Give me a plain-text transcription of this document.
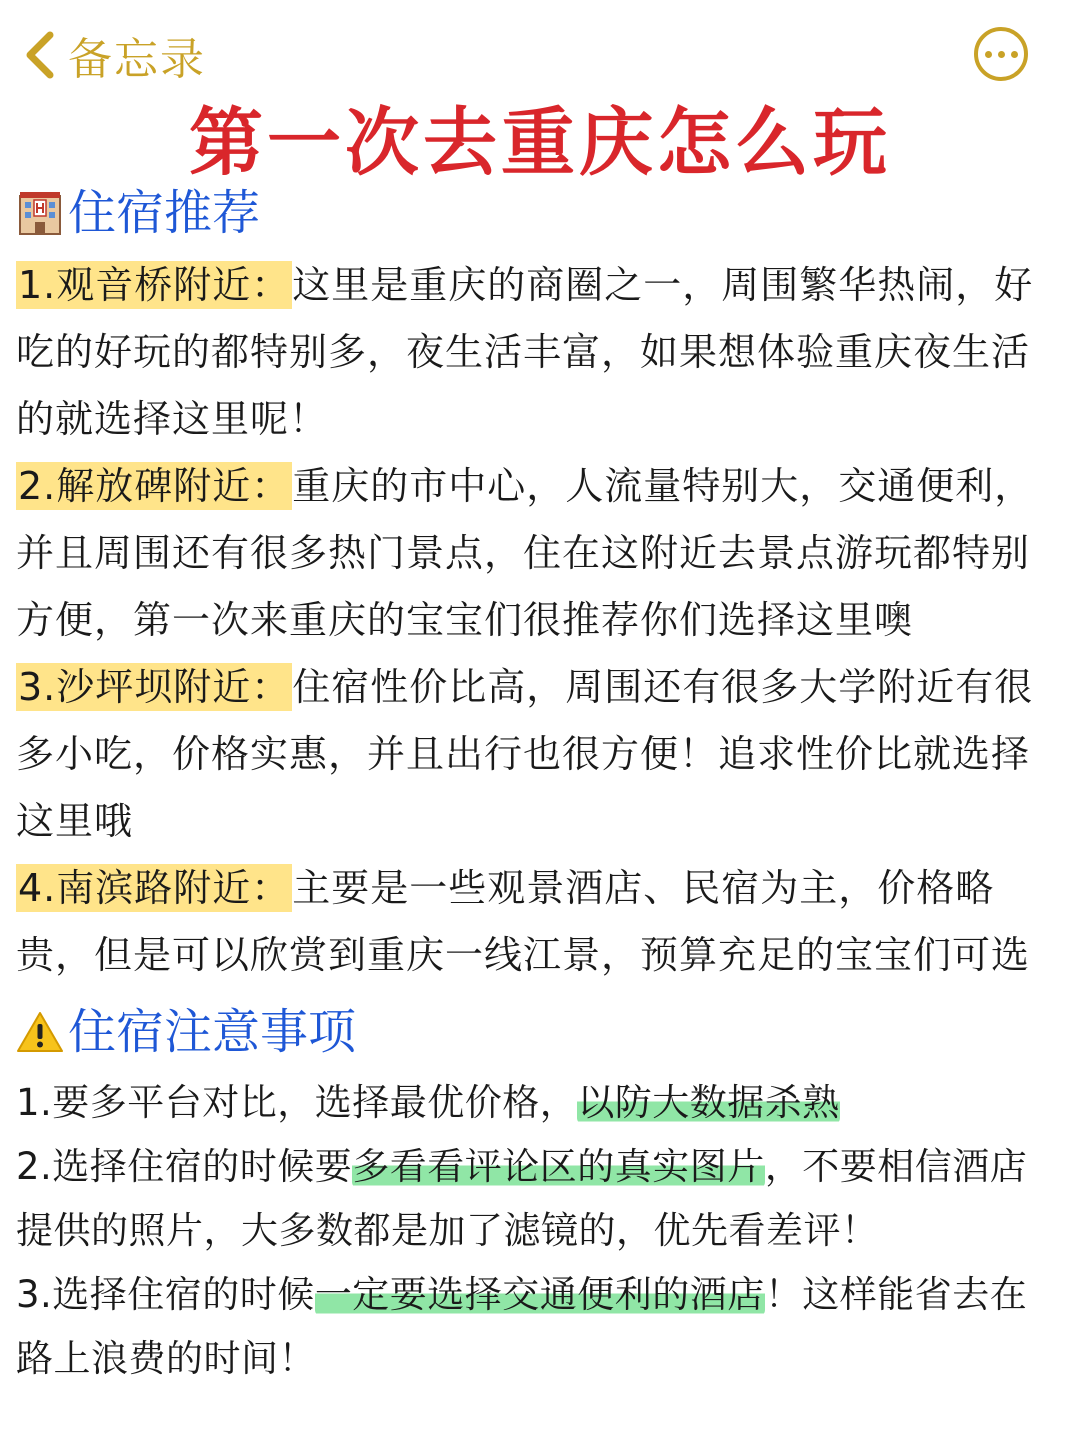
备忘录
第一次去重庆怎么玩
住宿推荐

1.观音桥附近：这里是重庆的商圈之一，周围繁华热闹，好吃的好玩的都特别多，夜生活丰富，如果想体验重庆夜生活的就选择这里呢！

2.解放碑附近：重庆的市中心，人流量特别大，交通便利，并且周围还有很多热门景点，住在这附近去景点游玩都特别方便，第一次来重庆的宝宝们很推荐你们选择这里噢

3.沙坪坝附近：住宿性价比高，周围还有很多大学附近有很多小吃，价格实惠，并且出行也很方便！追求性价比就选择这里哦

4.南滨路附近：主要是一些观景酒店、民宿为主，价格略贵，但是可以欣赏到重庆一线江景，预算充足的宝宝们可选

住宿注意事项

1.要多平台对比，选择最优价格，以防大数据杀熟

2.选择住宿的时候要多看看评论区的真实图片，不要相信酒店提供的照片，大多数都是加了滤镜的，优先看差评！

3.选择住宿的时候一定要选择交通便利的酒店！这样能省去在路上浪费的时间！
